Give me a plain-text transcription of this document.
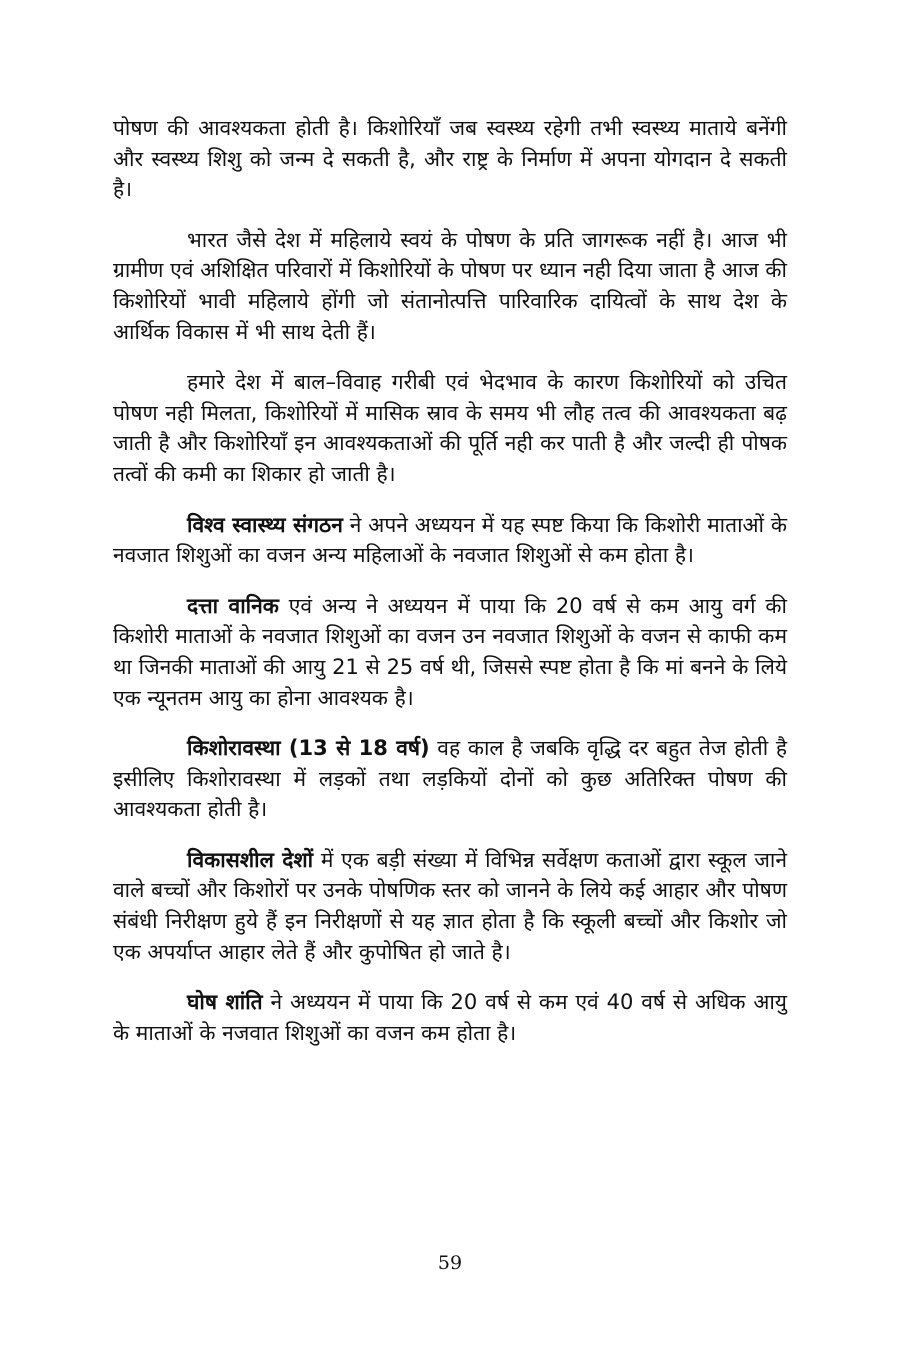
पोषण की आवश्यकता होती है। किशोरियाँ जब स्वस्थ्य रहेगी तभी स्वस्थ्य माताये बनेंगी और स्वस्थ्य शिशु को जन्म दे सकती है, और राष्ट्र के निर्माण में अपना योगदान दे सकती है।

भारत जैसे देश में महिलाये स्वयं के पोषण के प्रति जागरूक नहीं है। आज भी ग्रामीण एवं अशिक्षित परिवारों में किशोरियों के पोषण पर ध्यान नही दिया जाता है आज की किशोरियों भावी महिलाये होंगी जो संतानोत्पत्ति पारिवारिक दायित्वों के साथ देश के आर्थिक विकास में भी साथ देती हैं।

हमारे देश में बाल–विवाह गरीबी एवं भेदभाव के कारण किशोरियों को उचित पोषण नही मिलता, किशोरियों में मासिक स्राव के समय भी लौह तत्व की आवश्यकता बढ़ जाती है और किशोरियाँ इन आवश्यकताओं की पूर्ति नही कर पाती है और जल्दी ही पोषक तत्वों की कमी का शिकार हो जाती है।

विश्व स्वास्थ्य संगठन ने अपने अध्ययन में यह स्पष्ट किया कि किशोरी माताओं के नवजात शिशुओं का वजन अन्य महिलाओं के नवजात शिशुओं से कम होता है।

दत्ता वानिक एवं अन्य ने अध्ययन में पाया कि 20 वर्ष से कम आयु वर्ग की किशोरी माताओं के नवजात शिशुओं का वजन उन नवजात शिशुओं के वजन से काफी कम था जिनकी माताओं की आयु 21 से 25 वर्ष थी, जिससे स्पष्ट होता है कि मां बनने के लिये एक न्यूनतम आयु का होना आवश्यक है।

किशोरावस्था (13 से 18 वर्ष) वह काल है जबकि वृद्धि दर बहुत तेज होती है इसीलिए किशोरावस्था में लड़कों तथा लड़कियों दोनों को कुछ अतिरिक्त पोषण की आवश्यकता होती है।

विकासशील देशों में एक बड़ी संख्या में विभिन्न सर्वेक्षण कताओं द्वारा स्कूल जाने वाले बच्चों और किशोरों पर उनके पोषणिक स्तर को जानने के लिये कई आहार और पोषण संबंधी निरीक्षण हुये हैं इन निरीक्षणों से यह ज्ञात होता है कि स्कूली बच्चों और किशोर जो एक अपर्याप्त आहार लेते हैं और कुपोषित हो जाते है।

घोष शांति ने अध्ययन में पाया कि 20 वर्ष से कम एवं 40 वर्ष से अधिक आयु के माताओं के नजवात शिशुओं का वजन कम होता है।

59
